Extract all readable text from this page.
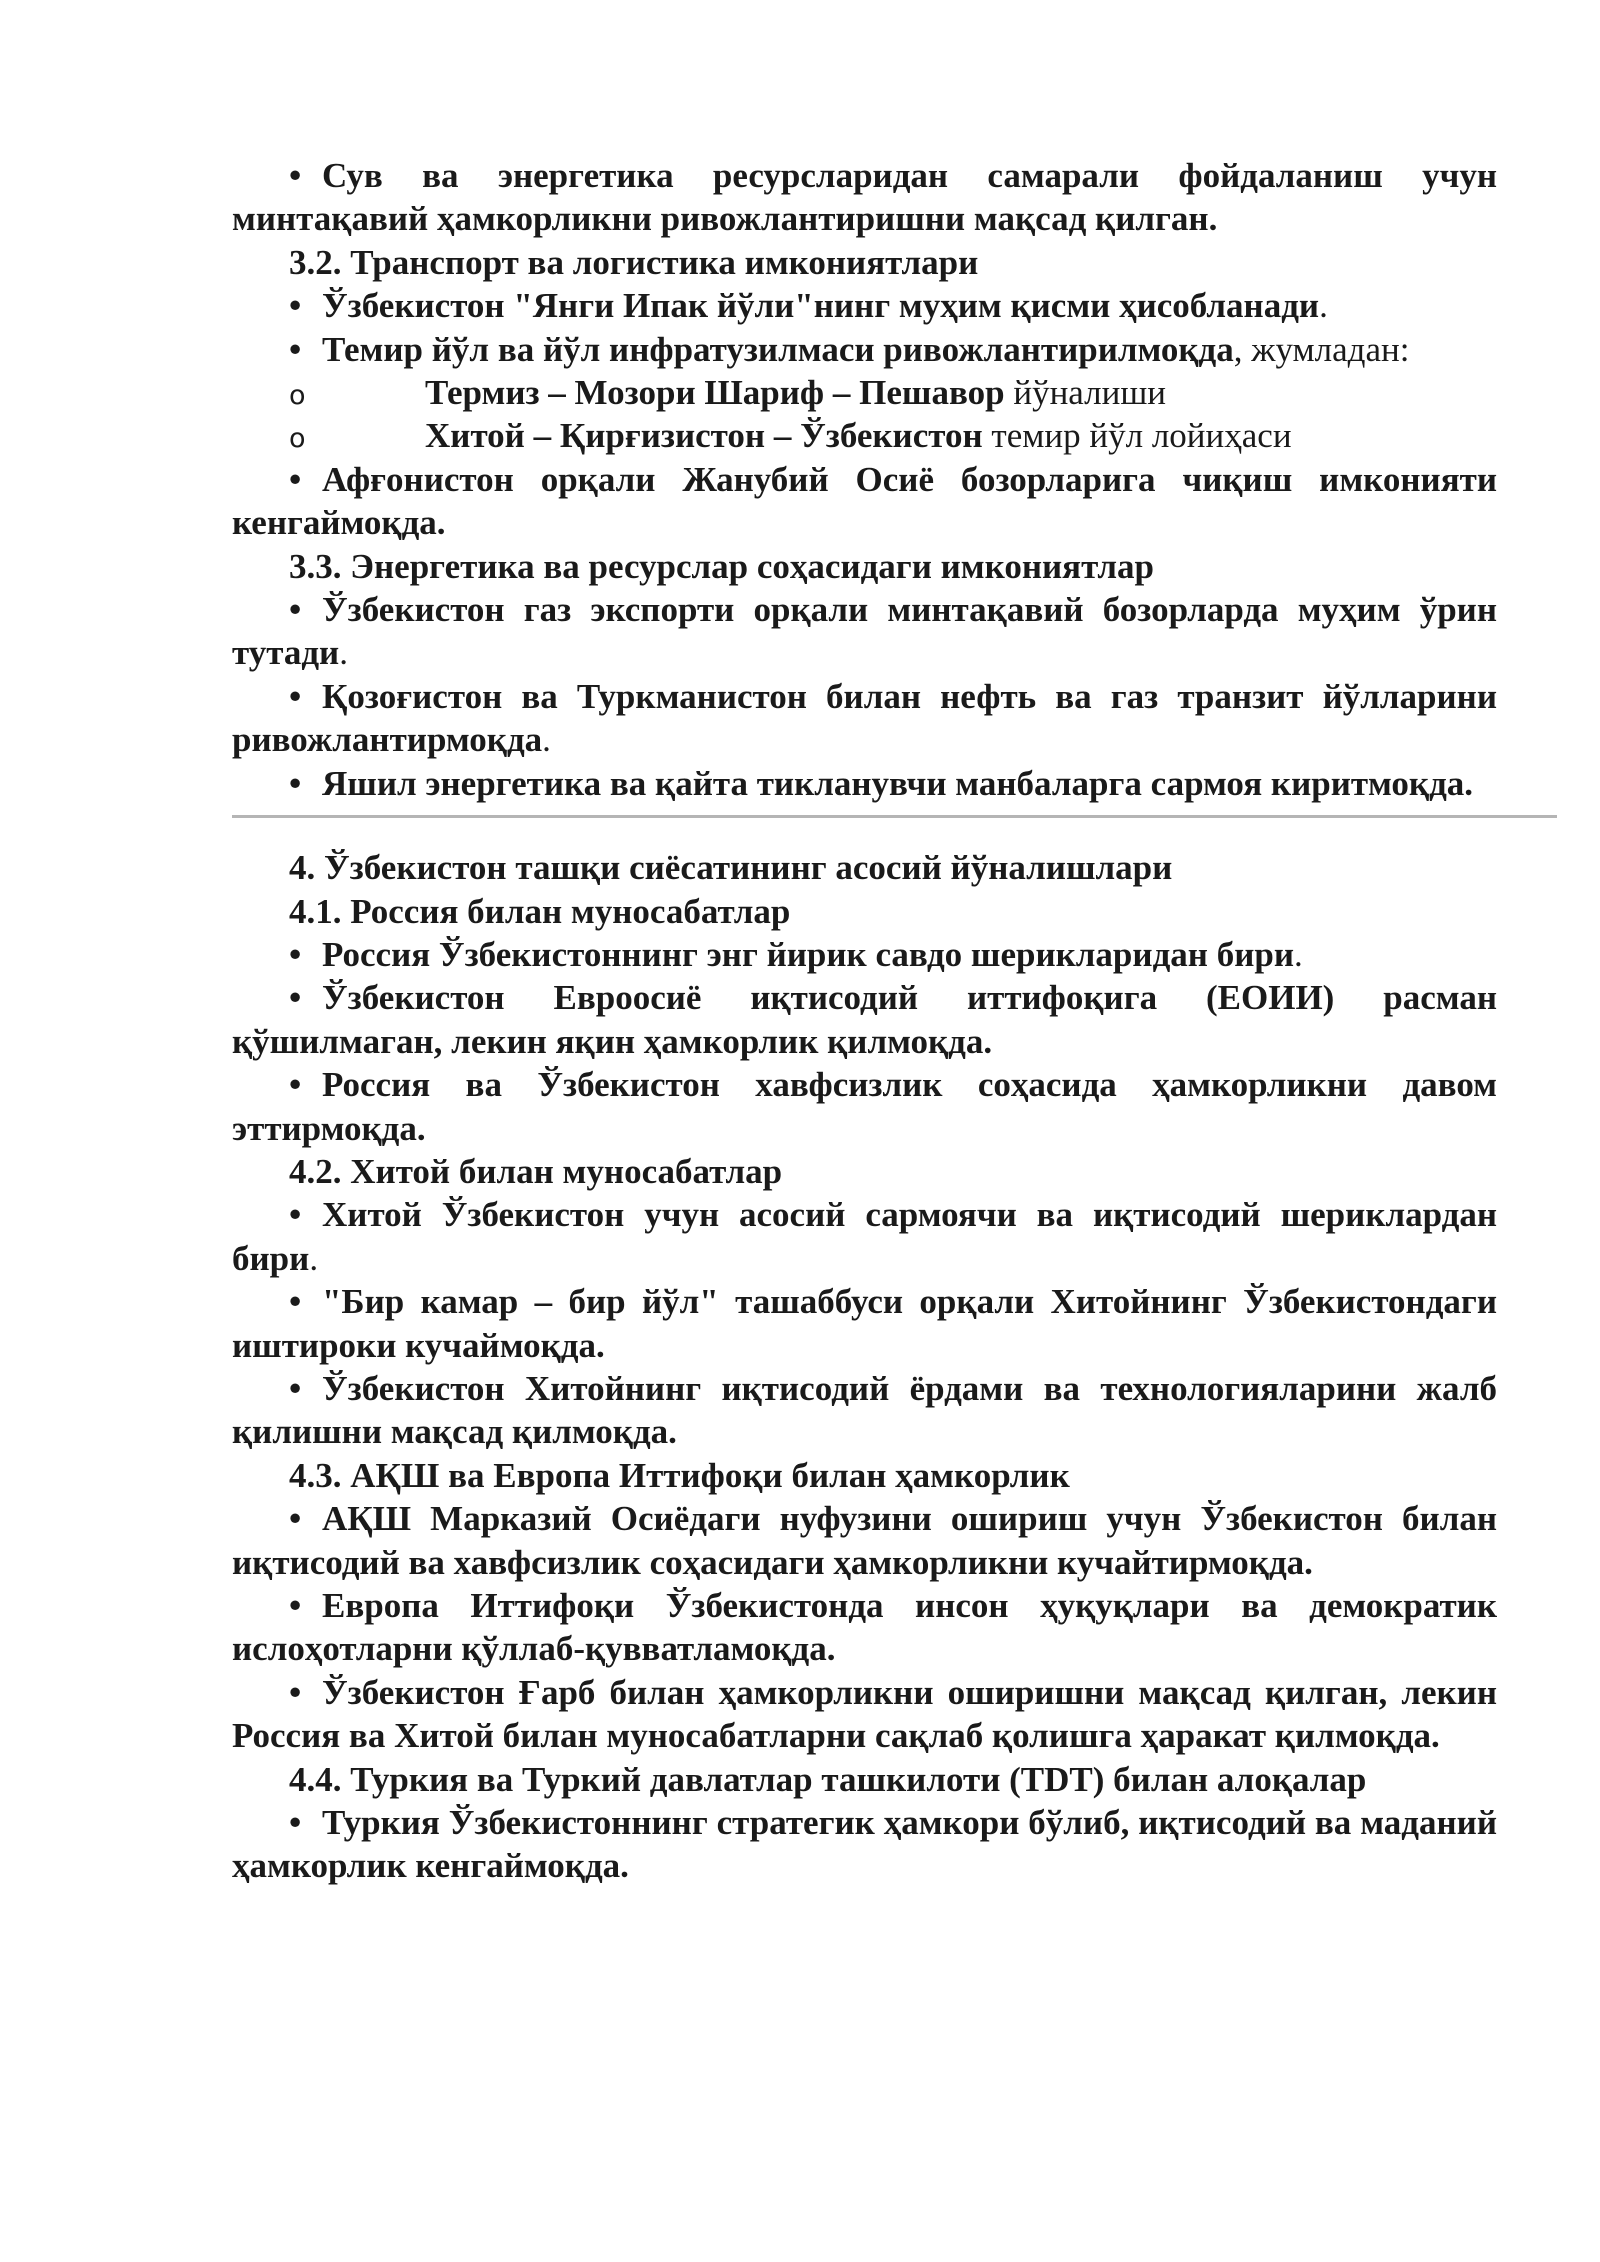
• Сув ва энергетика ресурсларидан самарали фойдаланиш учун минтақавий ҳамкорликни ривожлантиришни мақсад қилган.

3.2. Транспорт ва логистика имкониятлари

• Ўзбекистон "Янги Ипак йўли"нинг муҳим қисми ҳисобланади.

• Темир йўл ва йўл инфратузилмаси ривожлантирилмоқда, жумладан:

o	Термиз – Мозори Шариф – Пешавор йўналиши

o	Хитой – Қирғизистон – Ўзбекистон темир йўл лойиҳаси

• Афғонистон орқали Жанубий Осиё бозорларига чиқиш имконияти кенгаймоқда.

3.3. Энергетика ва ресурслар соҳасидаги имкониятлар

• Ўзбекистон газ экспорти орқали минтақавий бозорларда муҳим ўрин тутади.

• Қозоғистон ва Туркманистон билан нефть ва газ транзит йўлларини ривожлантирмоқда.

• Яшил энергетика ва қайта тикланувчи манбаларга сармоя киритмоқда.

4. Ўзбекистон ташқи сиёсатининг асосий йўналишлари

4.1. Россия билан муносабатлар

• Россия Ўзбекистоннинг энг йирик савдо шерикларидан бири.

• Ўзбекистон Евроосиё иқтисодий иттифоқига (ЕОИИ) расман қўшилмаган, лекин яқин ҳамкорлик қилмоқда.

• Россия ва Ўзбекистон хавфсизлик соҳасида ҳамкорликни давом эттирмоқда.

4.2. Хитой билан муносабатлар

• Хитой Ўзбекистон учун асосий сармоячи ва иқтисодий шериклардан бири.

• "Бир камар – бир йўл" ташаббуси орқали Хитойнинг Ўзбекистондаги иштироки кучаймоқда.

• Ўзбекистон Хитойнинг иқтисодий ёрдами ва технологияларини жалб қилишни мақсад қилмоқда.

4.3. АҚШ ва Европа Иттифоқи билан ҳамкорлик

• АҚШ Марказий Осиёдаги нуфузини ошириш учун Ўзбекистон билан иқтисодий ва хавфсизлик соҳасидаги ҳамкорликни кучайтирмоқда.

• Европа Иттифоқи Ўзбекистонда инсон ҳуқуқлари ва демократик ислоҳотларни қўллаб-қувватламоқда.

• Ўзбекистон Ғарб билан ҳамкорликни оширишни мақсад қилган, лекин Россия ва Хитой билан муносабатларни сақлаб қолишга ҳаракат қилмоқда.

4.4. Туркия ва Туркий давлатлар ташкилоти (TDT) билан алоқалар

• Туркия Ўзбекистоннинг стратегик ҳамкори бўлиб, иқтисодий ва маданий ҳамкорлик кенгаймоқда.
